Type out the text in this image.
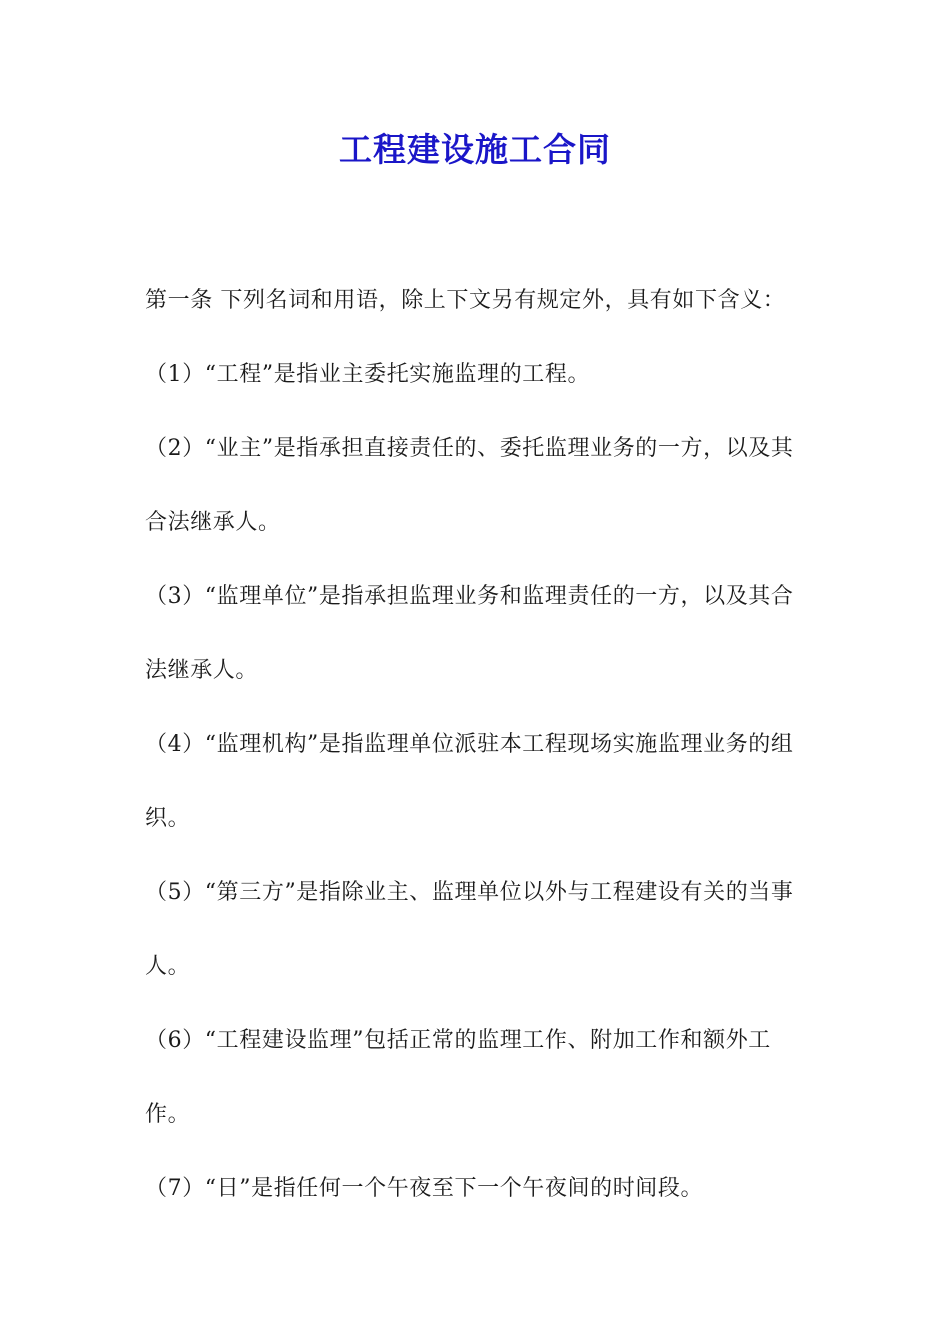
工程建设施工合同

第一条 下列名词和用语，除上下文另有规定外，具有如下含义：

（1）“工程”是指业主委托实施监理的工程。

（2）“业主”是指承担直接责任的、委托监理业务的一方，以及其合法继承人。

（3）“监理单位”是指承担监理业务和监理责任的一方，以及其合法继承人。

（4）“监理机构”是指监理单位派驻本工程现场实施监理业务的组织。

（5）“第三方”是指除业主、监理单位以外与工程建设有关的当事人。

（6）“工程建设监理”包括正常的监理工作、附加工作和额外工作。

（7）“日”是指任何一个午夜至下一个午夜间的时间段。
